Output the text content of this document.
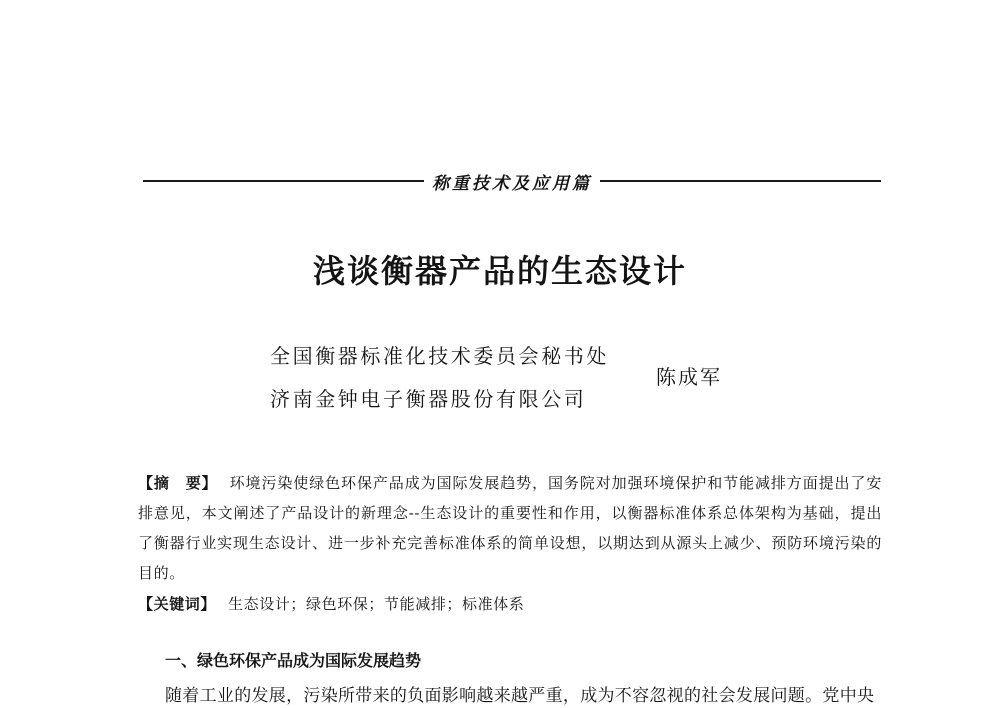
称重技术及应用篇
浅谈衡器产品的生态设计
全国衡器标准化技术委员会秘书处
济南金钟电子衡器股份有限公司
陈成军
【摘　要】 环境污染使绿色环保产品成为国际发展趋势，国务院对加强环境保护和节能减排方面提出了安排意见，本文阐述了产品设计的新理念--生态设计的重要性和作用，以衡器标准体系总体架构为基础，提出了衡器行业实现生态设计、进一步补充完善标准体系的简单设想，以期达到从源头上减少、预防环境污染的目的。
【关键词】 生态设计；绿色环保；节能减排；标准体系
一、绿色环保产品成为国际发展趋势
随着工业的发展，污染所带来的负面影响越来越严重，成为不容忽视的社会发展问题。党中央
